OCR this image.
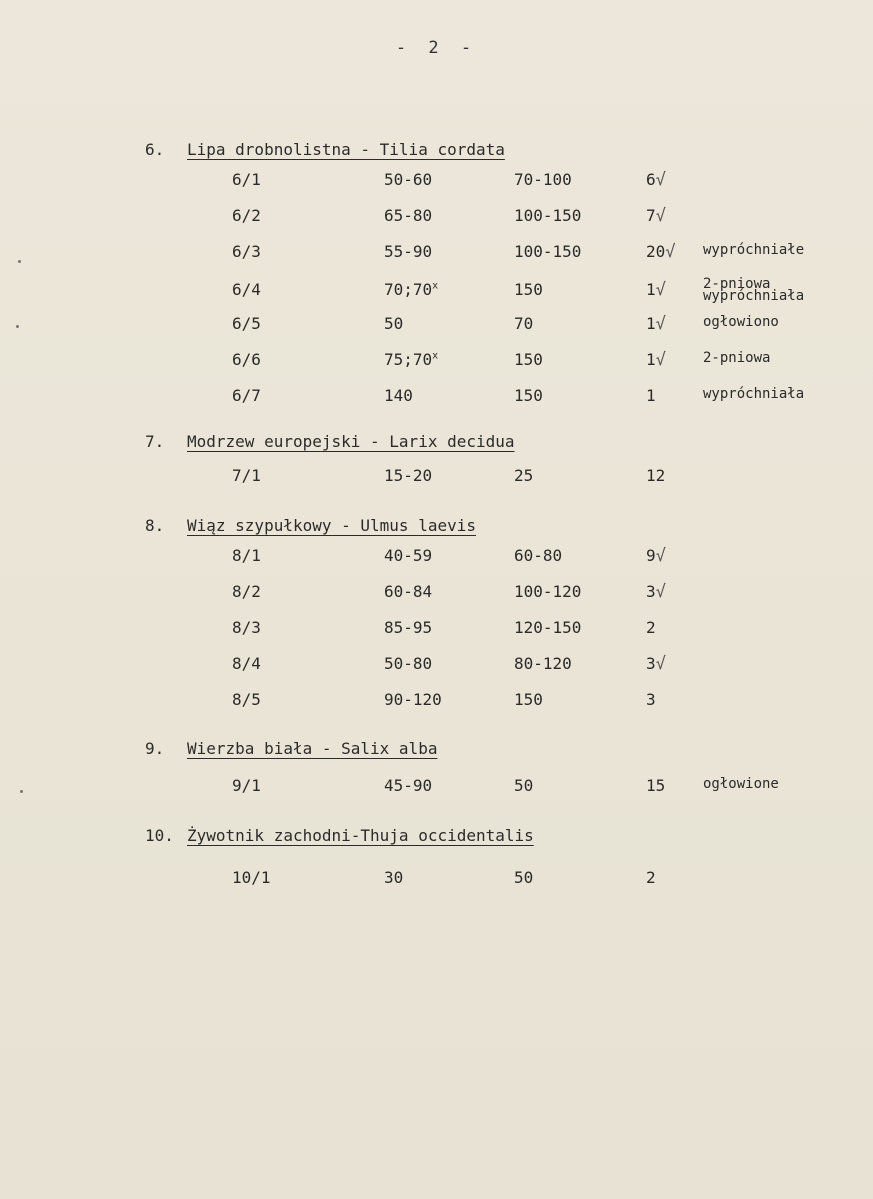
- 2 -
6. Lipa drobnolistna - Tilia cordata
6/1	50-60	70-100	6√
6/2	65-80	100-150	7√
6/3	55-90	100-150	20√ wypróchniałe
6/4	70;70$^x$	150	1√	2-pniowa wypróchniała
6/5	50	70	1√	ogłowiono
6/6	75;70$^x$	150	1√	2-pniowa
6/7	140	150	1	wypróchniała
7. Modrzew europejski - Larix decidua
7/1	15-20	25	12
8. Wiąz szypułkowy - Ulmus laevis
8/1	40-59	60-80	9√
8/2	60-84	100-120	3√
8/3	85-95	120-150	2
8/4	50-80	80-120	3√
8/5	90-120	150	3
9. Wierzba biała - Salix alba
9/1	45-90	50	15	ogłowione
10. Żywotnik zachodni-Thuja occidentalis
10/1	30	50	2
